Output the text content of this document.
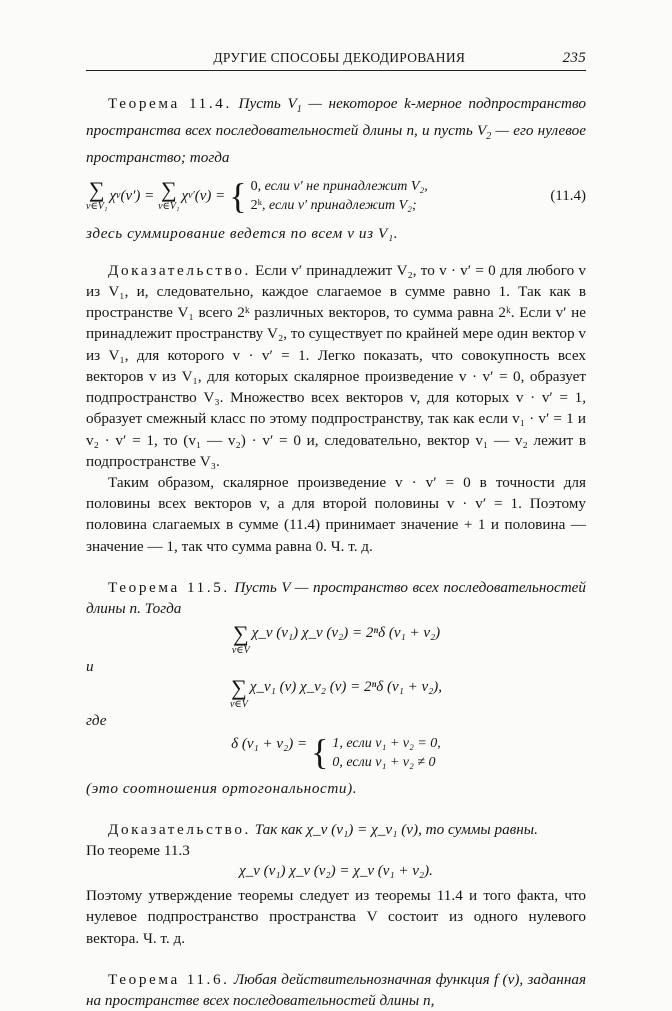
ДРУГИЕ СПОСОБЫ ДЕКОДИРОВАНИЯ	235

Теорема 11.4. Пусть $V_1$ — некоторое k-мерное подпространство пространства всех последовательностей длины n, и пусть $V_2$ — его нулевое пространство; тогда

∑
v∈V₁
χ v (v′) =
∑
v∈V₁
χ v′ (v) = { 0, если v′ не принадлежит V₂,
2ᵏ, если v′ принадлежит V₂;
(11.4)

здесь суммирование ведется по всем v из V₁.

Доказательство. Если v′ принадлежит V₂, то v · v′ = 0 для любого v из V₁, и, следовательно, каждое слагаемое в сумме равно 1. Так как в пространстве V₁ всего 2ᵏ различных векторов, то сумма равна 2ᵏ. Если v′ не принадлежит пространству V₂, то существует по крайней мере один вектор v из V₁, для которого v · v′ = 1. Легко показать, что совокупность всех векторов v из V₁, для которых скалярное произведение v · v′ = 0, образует подпространство V₃. Множество всех векторов v, для которых v · v′ = 1, образует смежный класс по этому подпространству, так как если v₁ · v′ = 1 и v₂ · v′ = 1, то (v₁ — v₂) · v′ = 0 и, следовательно, вектор v₁ — v₂ лежит в подпространстве V₃.

Таким образом, скалярное произведение v · v′ = 0 в точности для половины всех векторов v, а для второй половины v · v′ = 1. Поэтому половина слагаемых в сумме (11.4) принимает значение + 1 и половина — значение — 1, так что сумма равна 0. Ч. т. д.

Теорема 11.5. Пусть V — пространство всех последовательностей длины n. Тогда

∑
v∈V
χ_v (v₁) χ_v (v₂) = 2ⁿδ (v₁ + v₂)

и

∑
v∈V
χ_v₁ (v) χ_v₂ (v) = 2ⁿδ (v₁ + v₂),

где

δ (v₁ + v₂) = { 1, если v₁ + v₂ = 0,
0, если v₁ + v₂ ≠ 0

(это соотношения ортогональности).

Доказательство. Так как χ_v (v₁) = χ_v₁ (v), то суммы равны.

По теореме 11.3

χ_v (v₁) χ_v (v₂) = χ_v (v₁ + v₂).

Поэтому утверждение теоремы следует из теоремы 11.4 и того факта, что нулевое подпространство пространства V состоит из одного нулевого вектора. Ч. т. д.

Теорема 11.6. Любая действительнозначная функция f (v), заданная на пространстве всех последовательностей длины n,
